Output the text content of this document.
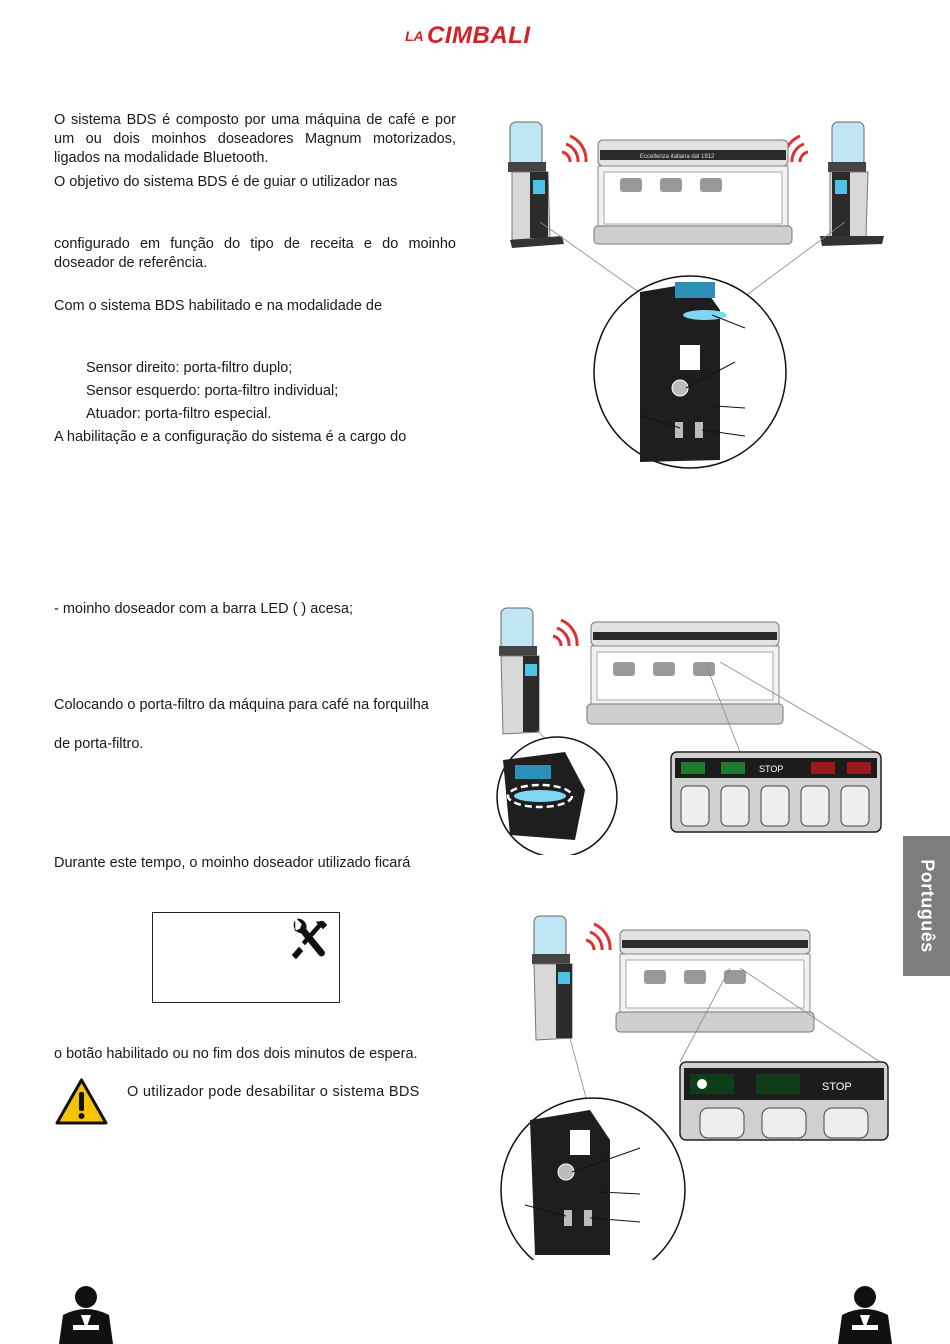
LA CIMBALI
O sistema BDS é composto por uma máquina de café e por um ou dois moinhos doseadores Magnum motorizados, ligados na modalidade Bluetooth.
O objetivo do sistema BDS é de guiar o utilizador nas
configurado em função do tipo de receita e do moinho doseador de referência.
Com o sistema BDS habilitado e na modalidade de
Sensor direito: porta-filtro duplo;
Sensor esquerdo: porta-filtro individual;
Atuador: porta-filtro especial.
A habilitação e a configuração do sistema é a cargo do
- moinho doseador com a barra LED ( ) acesa;
Colocando o porta-filtro da máquina para café na forquilha
de porta-filtro.
Durante este tempo, o moinho doseador utilizado ficará
o botão habilitado ou no fim dos dois minutos de espera.
O utilizador pode desabilitar o sistema BDS
Português
Eccellenza italiana dal 1912
STOP
STOP
